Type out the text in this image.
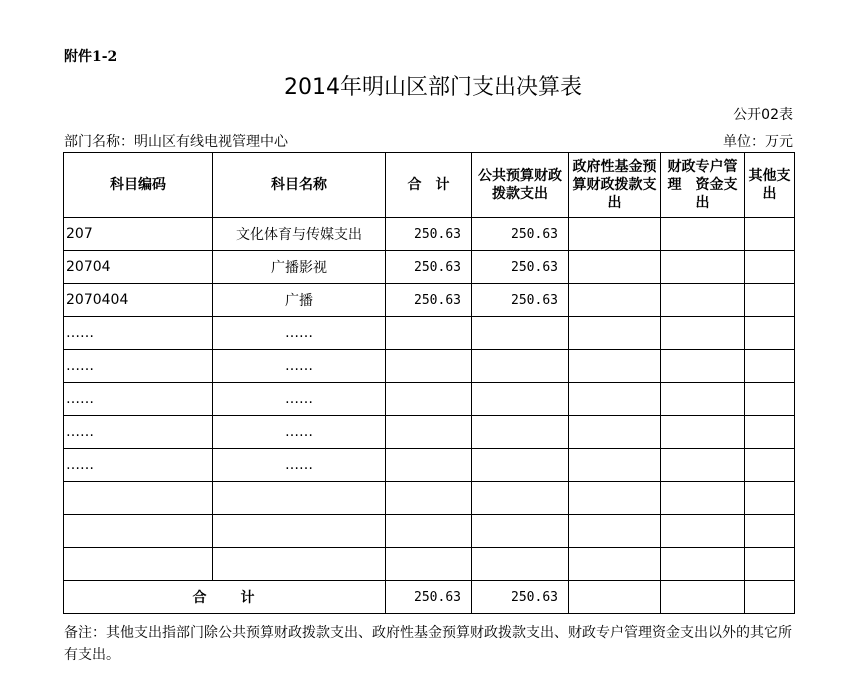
附件1-2
2014年明山区部门支出决算表
公开02表
部门名称：明山区有线电视管理中心	单位：万元
科目编码	科目名称	合　计	公共预算财政拨款支出	政府性基金预算财政拨款支出	财政专户管理　资金支出	其他支出
207	文化体育与传媒支出	250.63	250.63			
20704	广播影视	250.63	250.63			
2070404	广播	250.63	250.63			
……	……					
……	……					
……	……					
……	……					
……	……					

合　　计		250.63	250.63			
备注：其他支出指部门除公共预算财政拨款支出、政府性基金预算财政拨款支出、财政专户管理资金支出以外的其它所有支出。
